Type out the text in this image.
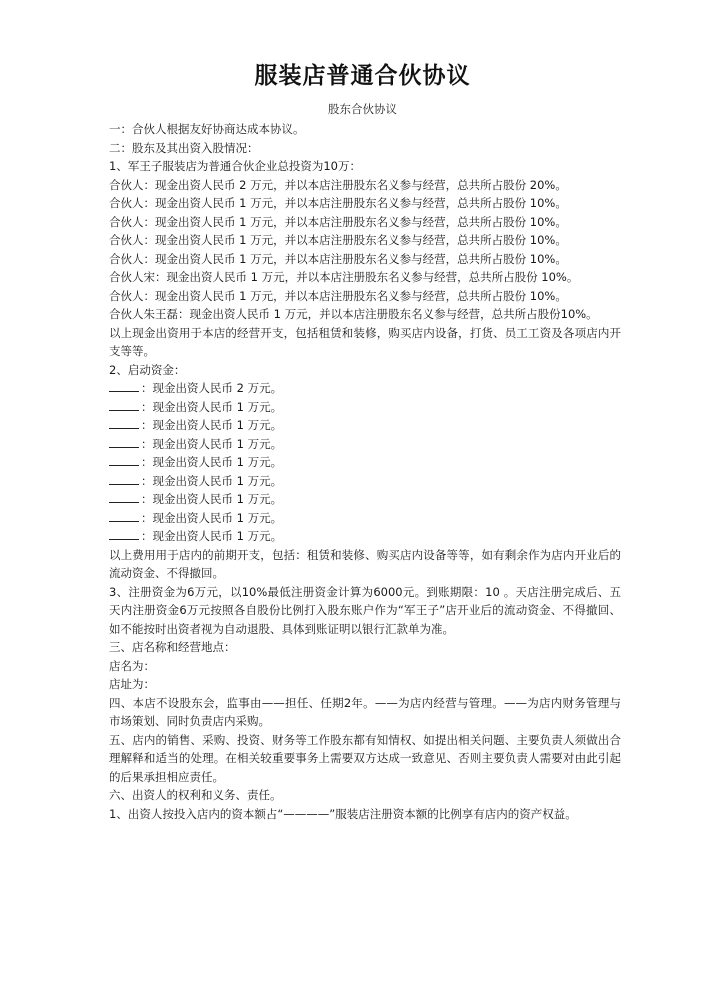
服装店普通合伙协议
股东合伙协议

一：合伙人根据友好协商达成本协议。

二：股东及其出资入股情况：

1、军王子服装店为普通合伙企业总投资为10万：

合伙人：现金出资人民币 2 万元，并以本店注册股东名义参与经营，总共所占股份 20%。

合伙人：现金出资人民币 1 万元，并以本店注册股东名义参与经营，总共所占股份 10%。

合伙人：现金出资人民币 1 万元，并以本店注册股东名义参与经营，总共所占股份 10%。

合伙人：现金出资人民币 1 万元，并以本店注册股东名义参与经营，总共所占股份 10%。

合伙人：现金出资人民币 1 万元，并以本店注册股东名义参与经营，总共所占股份 10%。

合伙人宋：现金出资人民币 1 万元，并以本店注册股东名义参与经营，总共所占股份 10%。

合伙人：现金出资人民币 1 万元，并以本店注册股东名义参与经营，总共所占股份 10%。

合伙人朱王磊：现金出资人民币 1 万元，并以本店注册股东名义参与经营，总共所占股份10%。

以上现金出资用于本店的经营开支，包括租赁和装修，购买店内设备，打货、员工工资及各项店内开支等等。

2、启动资金：

：现金出资人民币 2 万元。

：现金出资人民币 1 万元。

：现金出资人民币 1 万元。

：现金出资人民币 1 万元。

：现金出资人民币 1 万元。

：现金出资人民币 1 万元。

：现金出资人民币 1 万元。

：现金出资人民币 1 万元。

：现金出资人民币 1 万元。

以上费用用于店内的前期开支，包括：租赁和装修、购买店内设备等等，如有剩余作为店内开业后的流动资金、不得撤回。

3、注册资金为6万元，以10%最低注册资金计算为6000元。到账期限：10 。天店注册完成后、五天内注册资金6万元按照各自股份比例打入股东账户作为“军王子”店开业后的流动资金、不得撤回、如不能按时出资者视为自动退股、具体到账证明以银行汇款单为准。

三、店名称和经营地点：

店名为：

店址为：

四、本店不设股东会，监事由——担任、任期2年。——为店内经营与管理。——为店内财务管理与市场策划、同时负责店内采购。

五、店内的销售、采购、投资、财务等工作股东都有知情权、如提出相关问题、主要负责人须做出合理解释和适当的处理。在相关较重要事务上需要双方达成一致意见、否则主要负责人需要对由此引起的后果承担相应责任。

六、出资人的权利和义务、责任。

1、出资人按投入店内的资本额占“————”服装店注册资本额的比例享有店内的资产权益。
